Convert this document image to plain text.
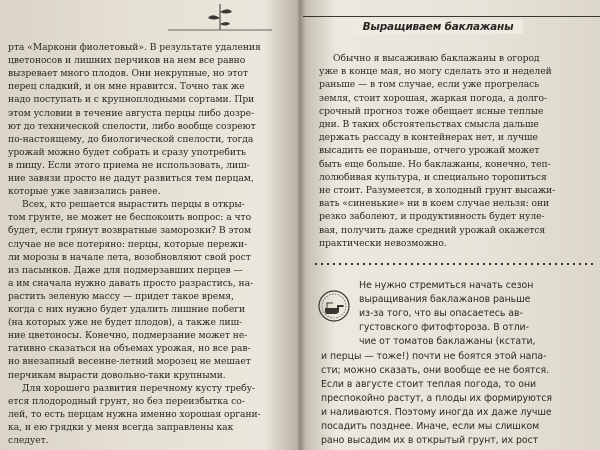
рта «Маркони фиолетовый». В результате удаления
цветоносов и лишних перчиков на нем все равно
вызревает много плодов. Они некрупные, но этот
перец сладкий, и он мне нравится. Точно так же
надо поступать и с крупноплодными сортами. При
этом условии в течение августа перцы либо дозре-
ют до технической спелости, либо вообще созреют
по-настоящему, до биологической спелости, тогда
урожай можно будет собрать и сразу употребить
в пищу. Если этого приема не использовать, лиш-
ние завязи просто не дадут развиться тем перцам,
которые уже завязались ранее.
Всех, кто решается вырастить перцы в откры-
том грунте, не может не беспокоить вопрос: а что
будет, если грянут возвратные заморозки? В этом
случае не все потеряно: перцы, которые пережи-
ли морозы в начале лета, возобновляют свой рост
из пасынков. Даже для подмерзавших перцев —
а им сначала нужно давать просто разрастись, на-
растить зеленую массу — придет такое время,
когда с них нужно будет удалить лишние побеги
(на которых уже не будет плодов), а также лиш-
ние цветоносы. Конечно, подмерзание может не-
гативно сказаться на объемах урожая, но все рав-
но внезапный весенне-летний морозец не мешает
перчикам вырасти довольно-таки крупными.
Для хорошего развития перечному кусту требу-
ется плодородный грунт, но без переизбытка со-
лей, то есть перцам нужна именно хорошая органи-
ка, и ею грядки у меня всегда заправлены как
следует.
Выращиваем баклажаны
Обычно я высаживаю баклажаны в огород
уже в конце мая, но могу сделать это и неделей
раньше — в том случае, если уже прогрелась
земля, стоит хорошая, жаркая погода, а долго-
срочный прогноз тоже обещает ясные теплые
дни. В таких обстоятельствах смысла дальше
держать рассаду в контейнерах нет, и лучше
высадить ее пораньше, отчего урожай может
быть еще больше. Но баклажаны, конечно, теп-
лолюбивая культура, и специально торопиться
не стоит. Разумеется, в холодный грунт высажи-
вать «синенькие» ни в коем случае нельзя: они
резко заболеют, и продуктивность будет нуле-
вая, получить даже средний урожай окажется
практически невозможно.
Не нужно стремиться начать сезон
выращивания баклажанов раньше
из-за того, что вы опасаетесь ав-
густовского фитофтороза. В отли-
чие от томатов баклажаны (кстати,
и перцы — тоже!) почти не боятся этой напа-
сти; можно сказать, они вообще ее не боятся.
Если в августе стоит теплая погода, то они
преспокойно растут, а плоды их формируются
и наливаются. Поэтому иногда их даже лучше
посадить позднее. Иначе, если мы слишком
рано высадим их в открытый грунт, их рост
